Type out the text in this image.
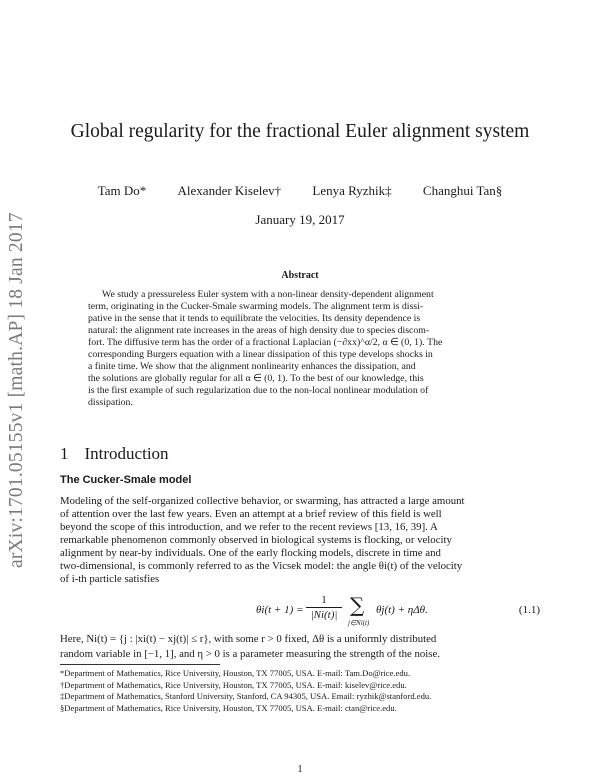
arXiv:1701.05155v1 [math.AP] 18 Jan 2017
Global regularity for the fractional Euler alignment system
Tam Do* Alexander Kiselev† Lenya Ryzhik‡ Changhui Tan§
January 19, 2017
Abstract
We study a pressureless Euler system with a non-linear density-dependent alignment
term, originating in the Cucker-Smale swarming models. The alignment term is dissi-
pative in the sense that it tends to equilibrate the velocities. Its density dependence is
natural: the alignment rate increases in the areas of high density due to species discom-
fort. The diffusive term has the order of a fractional Laplacian (−∂xx)^α/2, α ∈ (0, 1). The
corresponding Burgers equation with a linear dissipation of this type develops shocks in
a finite time. We show that the alignment nonlinearity enhances the dissipation, and
the solutions are globally regular for all α ∈ (0, 1). To the best of our knowledge, this
is the first example of such regularization due to the non-local nonlinear modulation of
dissipation.
1 Introduction
The Cucker-Smale model
Modeling of the self-organized collective behavior, or swarming, has attracted a large amount
of attention over the last few years. Even an attempt at a brief review of this field is well
beyond the scope of this introduction, and we refer to the recent reviews [13, 16, 39]. A
remarkable phenomenon commonly observed in biological systems is flocking, or velocity
alignment by near-by individuals. One of the early flocking models, discrete in time and
two-dimensional, is commonly referred to as the Vicsek model: the angle θi(t) of the velocity
of i-th particle satisfies
$\theta i(t + 1) = \frac{1}{|Ni(t)|}$ ∑
j∈Ni(t)
θj(t) + ηΔθ.	(1.1)
Here, Ni(t) = {j : |xi(t) − xj(t)| ≤ r}, with some r > 0 fixed, Δθ is a uniformly distributed
random variable in [−1, 1], and η > 0 is a parameter measuring the strength of the noise.
*Department of Mathematics, Rice University, Houston, TX 77005, USA. E-mail: Tam.Do@rice.edu.
†Department of Mathematics, Rice University, Houston, TX 77005, USA. E-mail: kiselev@rice.edu.
‡Department of Mathematics, Stanford University, Stanford, CA 94305, USA. Email: ryzhik@stanford.edu.
§Department of Mathematics, Rice University, Houston, TX 77005, USA. E-mail: ctan@rice.edu.
1
